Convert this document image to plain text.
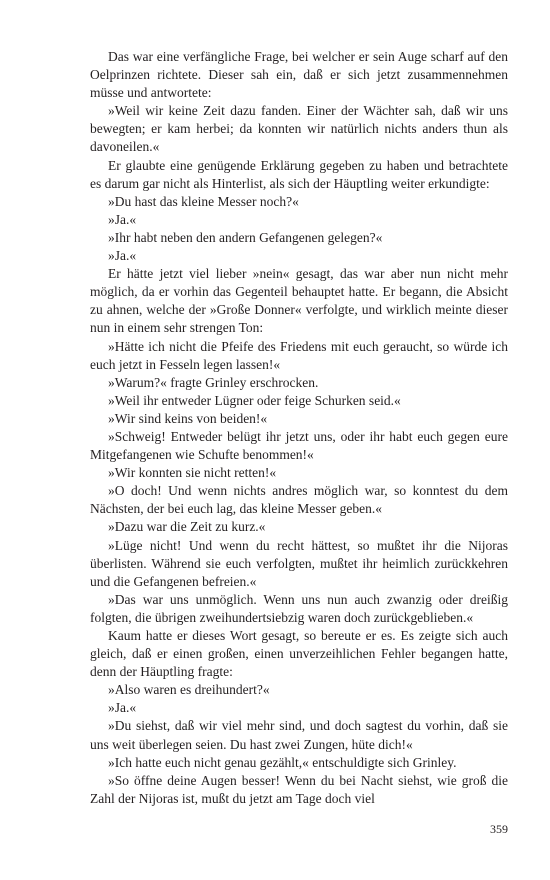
Das war eine verfängliche Frage, bei welcher er sein Auge scharf auf den Oelprinzen richtete. Dieser sah ein, daß er sich jetzt zusammennehmen müsse und antwortete:

»Weil wir keine Zeit dazu fanden. Einer der Wächter sah, daß wir uns bewegten; er kam herbei; da konnten wir natürlich nichts anders thun als davoneilen.«

Er glaubte eine genügende Erklärung gegeben zu haben und betrachtete es darum gar nicht als Hinterlist, als sich der Häuptling weiter erkundigte:

»Du hast das kleine Messer noch?«

»Ja.«

»Ihr habt neben den andern Gefangenen gelegen?«

»Ja.«

Er hätte jetzt viel lieber »nein« gesagt, das war aber nun nicht mehr möglich, da er vorhin das Gegenteil behauptet hatte. Er begann, die Absicht zu ahnen, welche der »Große Donner« verfolgte, und wirklich meinte dieser nun in einem sehr strengen Ton:

»Hätte ich nicht die Pfeife des Friedens mit euch geraucht, so würde ich euch jetzt in Fesseln legen lassen!«

»Warum?« fragte Grinley erschrocken.

»Weil ihr entweder Lügner oder feige Schurken seid.«

»Wir sind keins von beiden!«

»Schweig! Entweder belügt ihr jetzt uns, oder ihr habt euch gegen eure Mitgefangenen wie Schufte benommen!«

»Wir konnten sie nicht retten!«

»O doch! Und wenn nichts andres möglich war, so konntest du dem Nächsten, der bei euch lag, das kleine Messer geben.«

»Dazu war die Zeit zu kurz.«

»Lüge nicht! Und wenn du recht hättest, so mußtet ihr die Nijoras überlisten. Während sie euch verfolgten, mußtet ihr heimlich zurückkehren und die Gefangenen befreien.«

»Das war uns unmöglich. Wenn uns nun auch zwanzig oder dreißig folgten, die übrigen zweihundertsiebzig waren doch zurückgeblieben.«

Kaum hatte er dieses Wort gesagt, so bereute er es. Es zeigte sich auch gleich, daß er einen großen, einen unverzeihlichen Fehler begangen hatte, denn der Häuptling fragte:

»Also waren es dreihundert?«

»Ja.«

»Du siehst, daß wir viel mehr sind, und doch sagtest du vorhin, daß sie uns weit überlegen seien. Du hast zwei Zungen, hüte dich!«

»Ich hatte euch nicht genau gezählt,« entschuldigte sich Grinley.

»So öffne deine Augen besser! Wenn du bei Nacht siehst, wie groß die Zahl der Nijoras ist, mußt du jetzt am Tage doch viel

359
